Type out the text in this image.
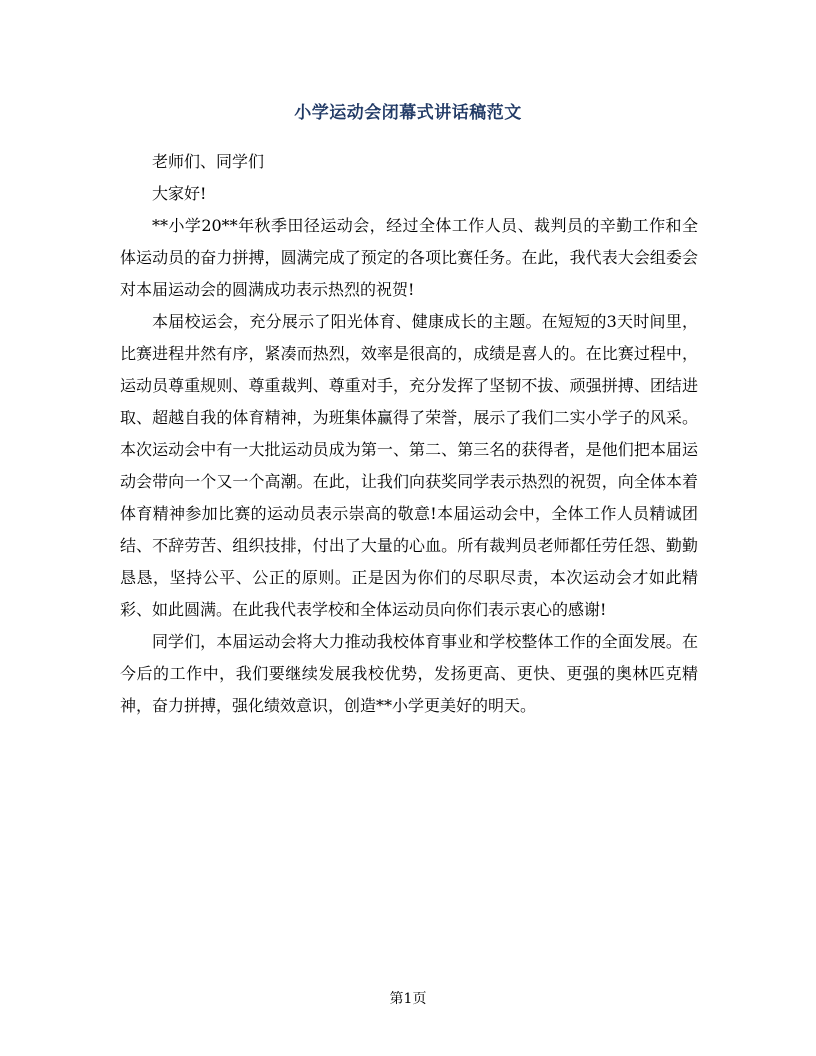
小学运动会闭幕式讲话稿范文

老师们、同学们

大家好!

**小学20**年秋季田径运动会，经过全体工作人员、裁判员的辛勤工作和全体运动员的奋力拼搏，圆满完成了预定的各项比赛任务。在此，我代表大会组委会对本届运动会的圆满成功表示热烈的祝贺!

本届校运会，充分展示了阳光体育、健康成长的主题。在短短的3天时间里，比赛进程井然有序，紧凑而热烈，效率是很高的，成绩是喜人的。在比赛过程中，运动员尊重规则、尊重裁判、尊重对手，充分发挥了坚韧不拔、顽强拼搏、团结进取、超越自我的体育精神，为班集体赢得了荣誉，展示了我们二实小学子的风采。本次运动会中有一大批运动员成为第一、第二、第三名的获得者，是他们把本届运动会带向一个又一个高潮。在此，让我们向获奖同学表示热烈的祝贺，向全体本着体育精神参加比赛的运动员表示崇高的敬意!本届运动会中，全体工作人员精诚团结、不辞劳苦、组织技排，付出了大量的心血。所有裁判员老师都任劳任怨、勤勤恳恳，坚持公平、公正的原则。正是因为你们的尽职尽责，本次运动会才如此精彩、如此圆满。在此我代表学校和全体运动员向你们表示衷心的感谢!

同学们，本届运动会将大力推动我校体育事业和学校整体工作的全面发展。在今后的工作中，我们要继续发展我校优势，发扬更高、更快、更强的奥林匹克精神，奋力拼搏，强化绩效意识，创造**小学更美好的明天。

第1页
